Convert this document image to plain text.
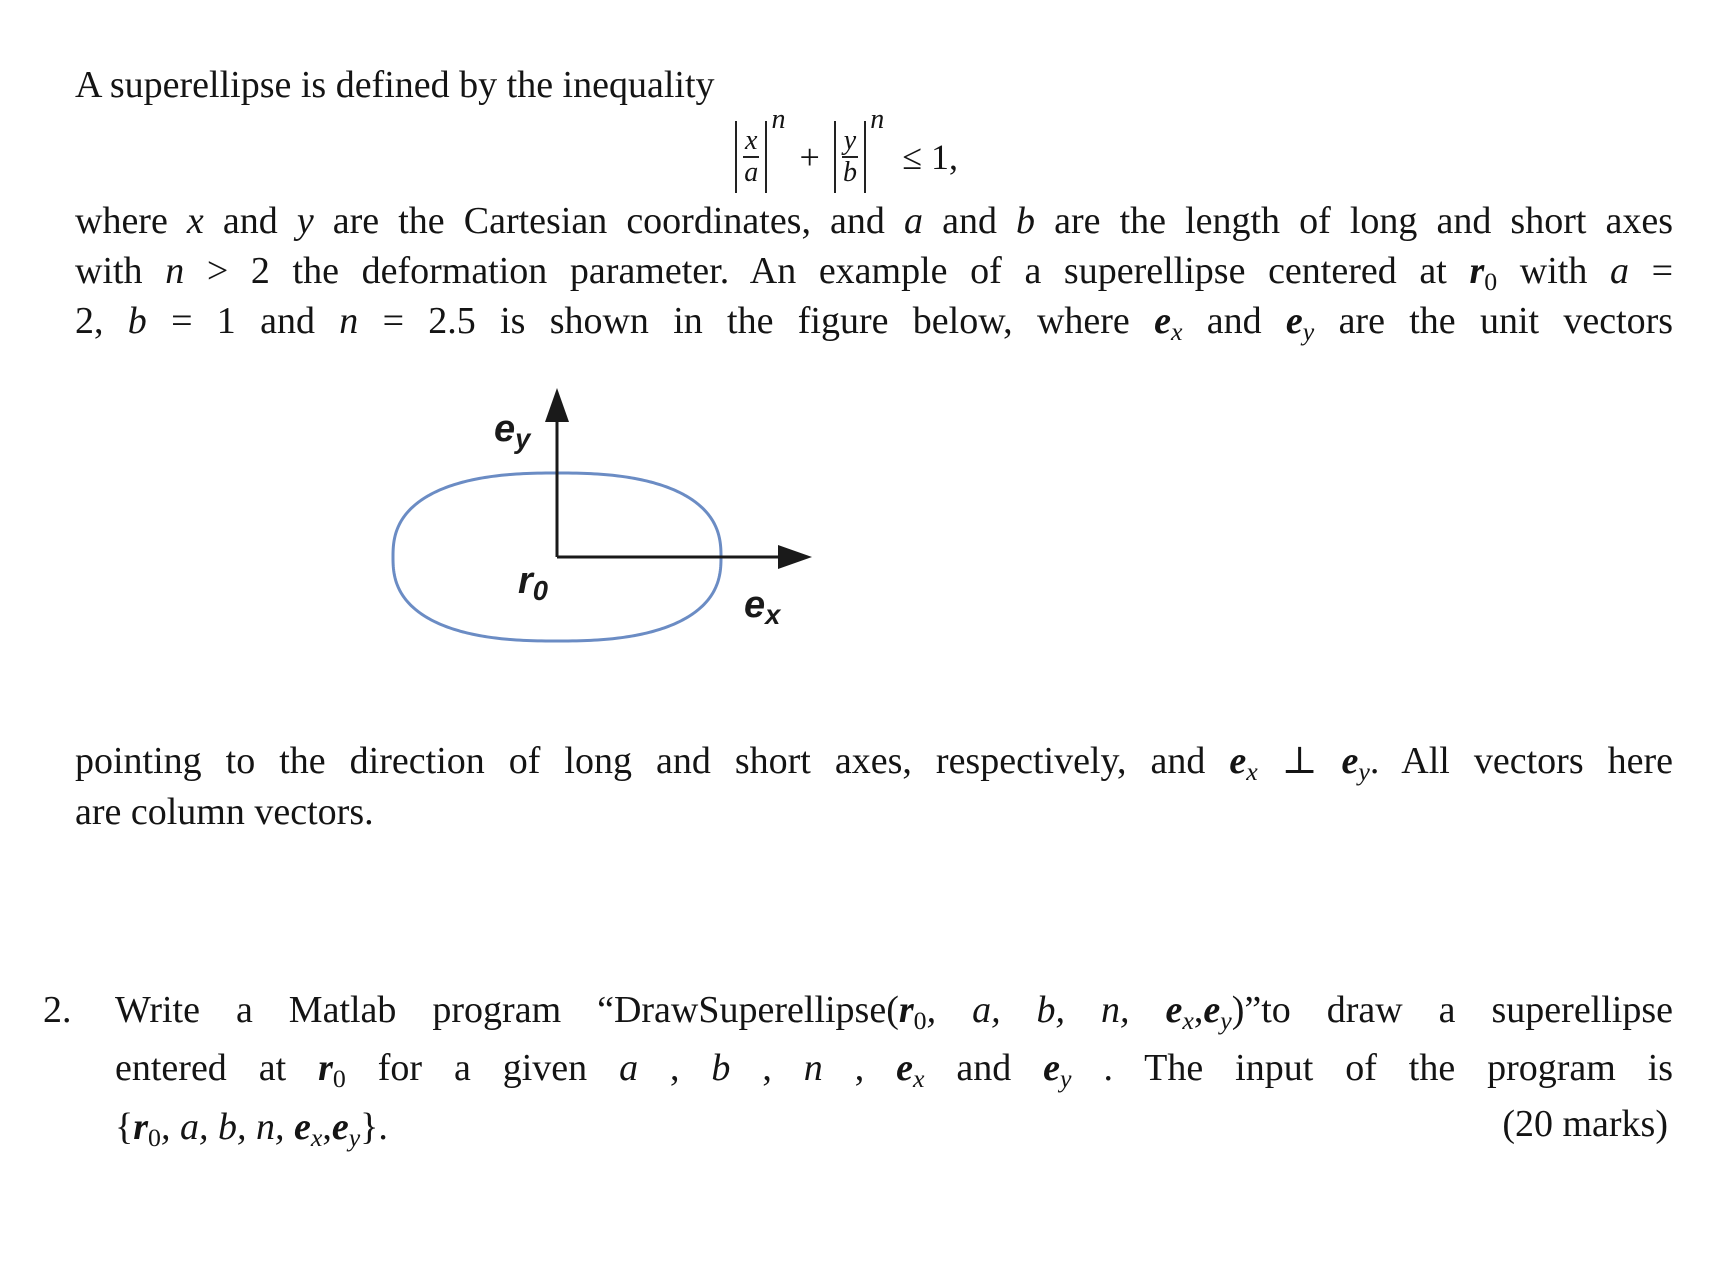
A superellipse is defined by the inequality
$\frac{x}{a}$
n
+ $\frac{y}{b}$
n
≤ 1,
where x and y are the Cartesian coordinates, and a and b are the length of long and short axes
with n > 2 the deformation parameter. An example of a superellipse centered at $r_0$ with a =
2, b = 1 and n = 2.5 is shown in the figure below, where $e_x$ and $e_y$ are the unit vectors
$e_y$
$r_0$	$e_x$
pointing to the direction of long and short axes, respectively, and $e_x$ ⊥ $e_y$. All vectors here
are column vectors.
2. Write a Matlab program “$DrawSuperellipse(r_0$, a, b, n, $e_x,e_y)”to$ draw a superellipse
entered at $r_0$ for a given a , b , n , $e_x$ and $e_y$ . The input of the program is
{$r_0$, a, b, n, $e_x,e_y$}.	(20 marks)
